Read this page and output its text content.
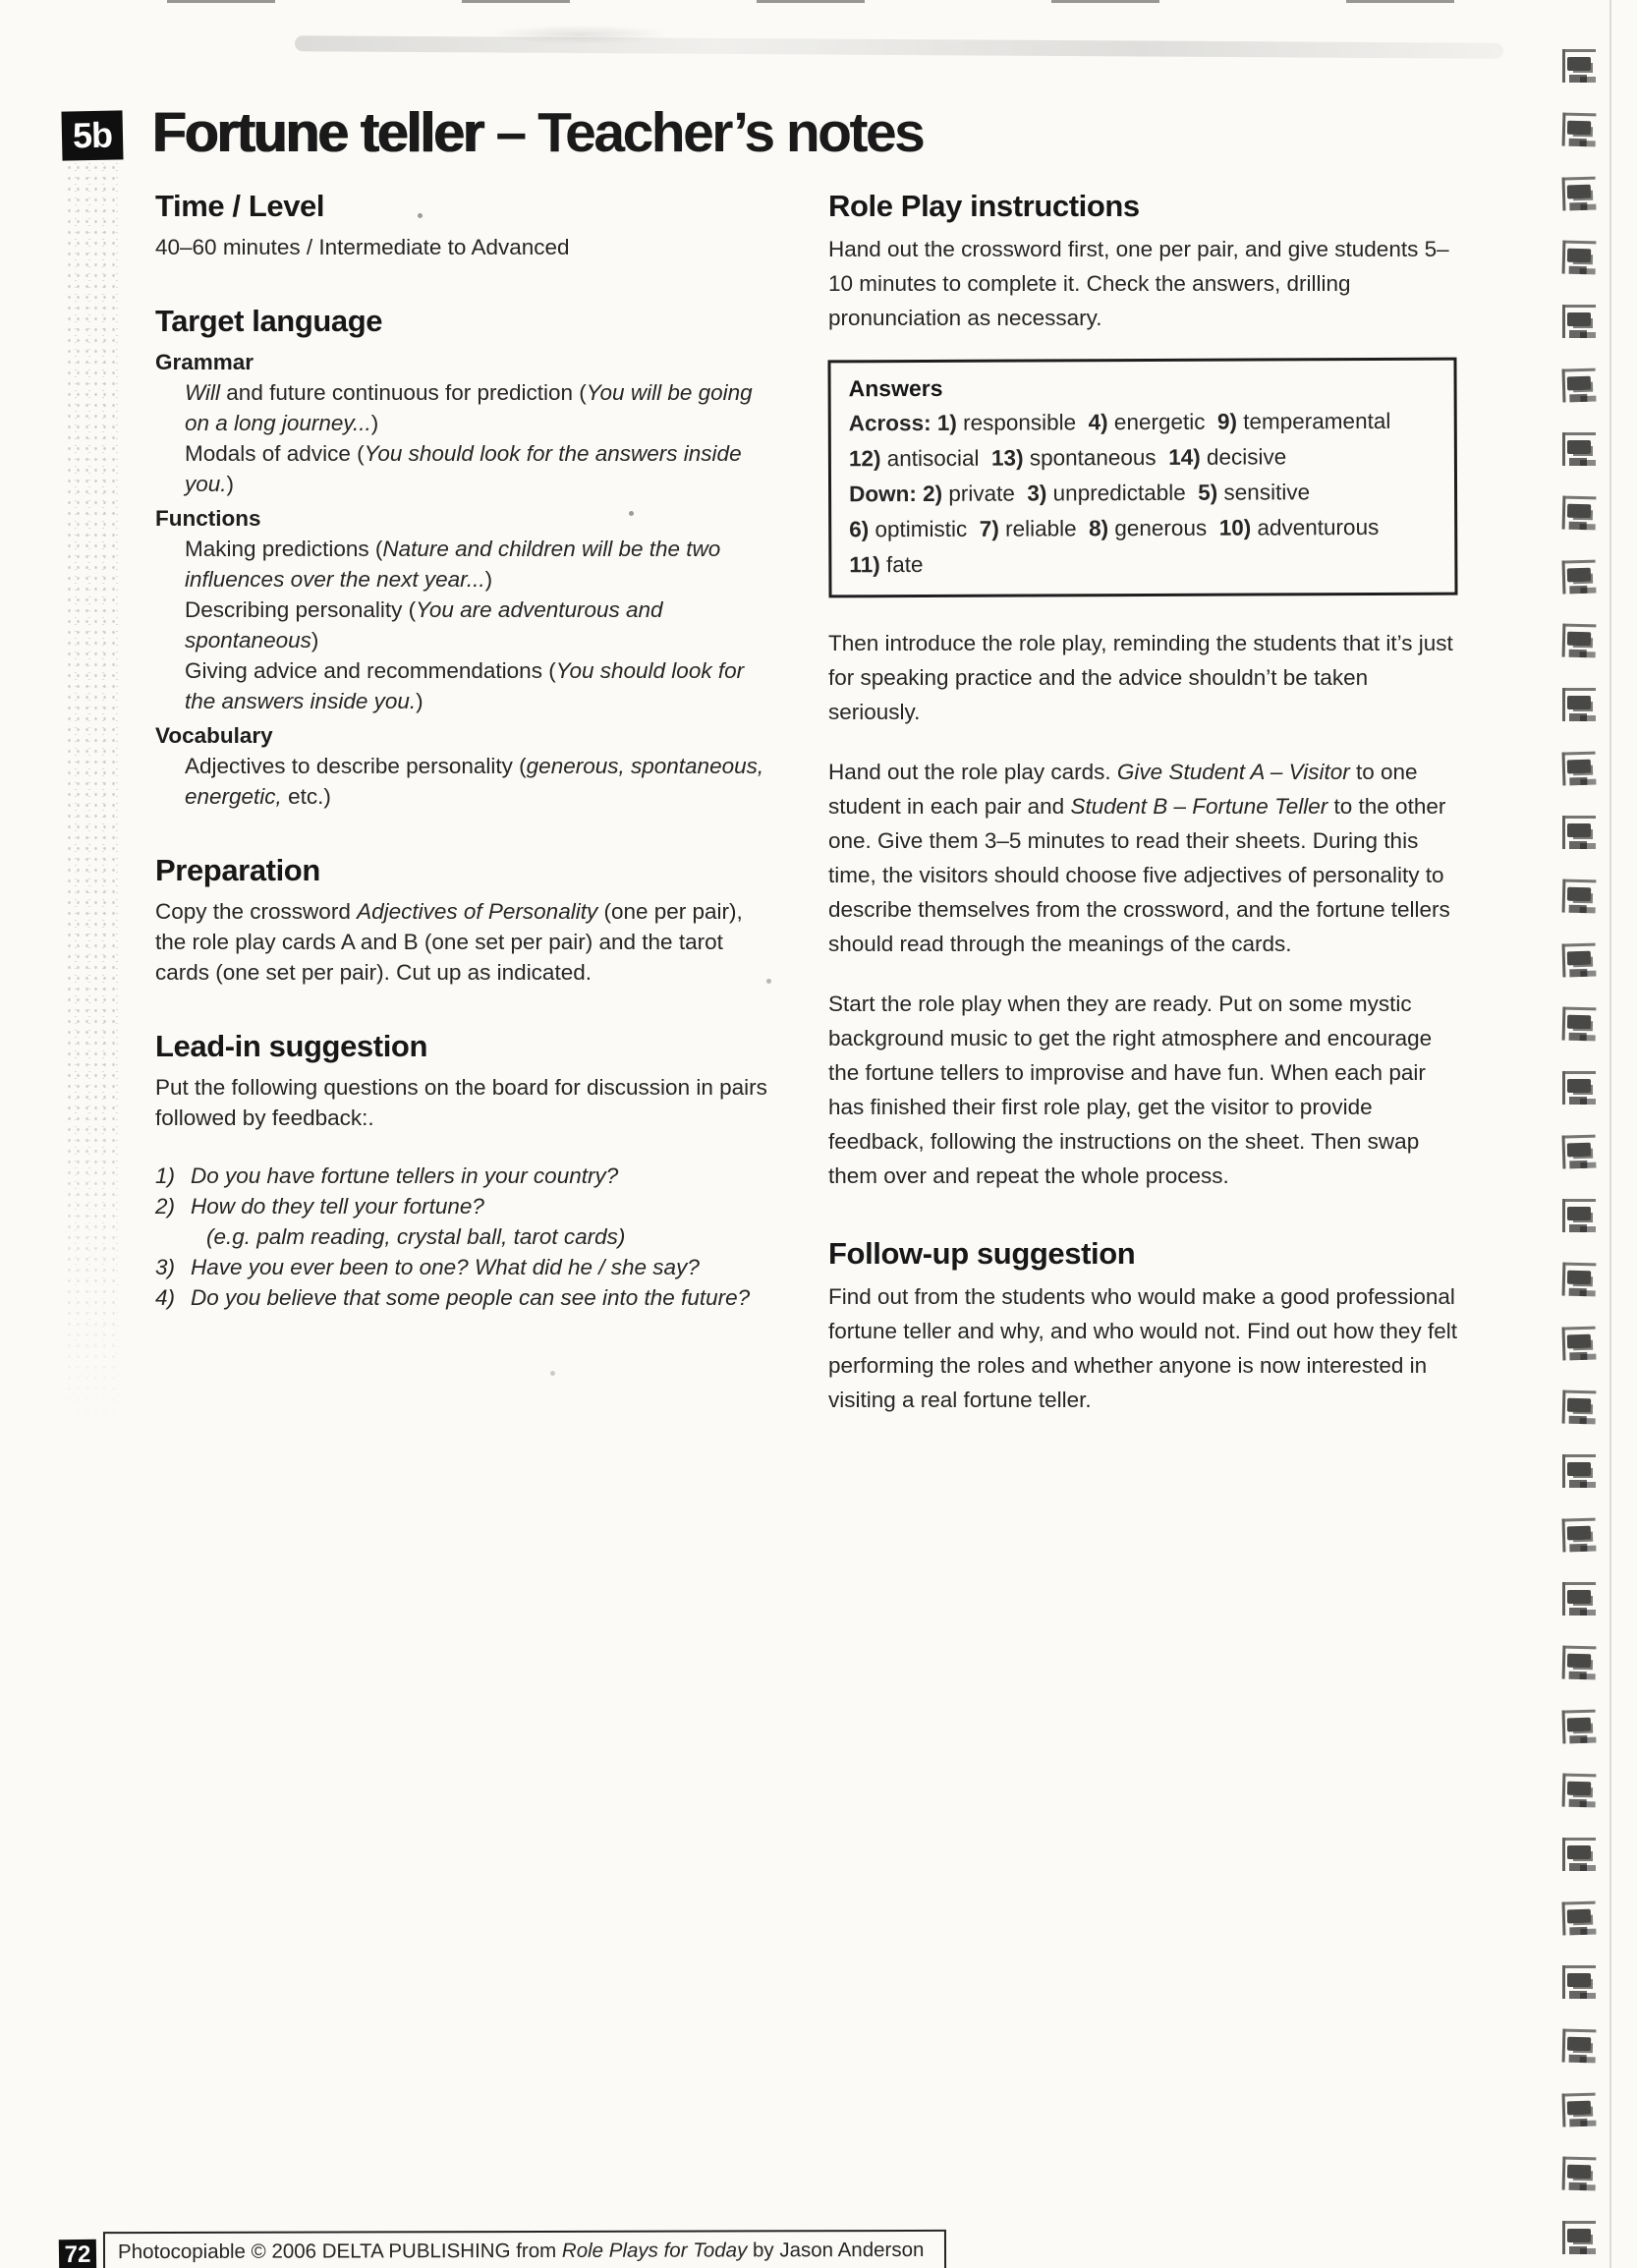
5b Fortune teller – Teacher’s notes
Time / Level

40–60 minutes / Intermediate to Advanced

Target language
Grammar

Will and future continuous for prediction (You will be going on a long journey...)

Modals of advice (You should look for the answers inside you.)

Functions

Making predictions (Nature and children will be the two influences over the next year...)

Describing personality (You are adventurous and spontaneous)

Giving advice and recommendations (You should look for the answers inside you.)

Vocabulary

Adjectives to describe personality (generous, spontaneous, energetic, etc.)

Preparation

Copy the crossword Adjectives of Personality (one per pair), the role play cards A and B (one set per pair) and the tarot cards (one set per pair). Cut up as indicated.

Lead-in suggestion

Put the following questions on the board for discussion in pairs followed by feedback:.

1) Do you have fortune tellers in your country?
2) How do they tell your fortune?
(e.g. palm reading, crystal ball, tarot cards)
3) Have you ever been to one? What did he / she say?
4) Do you believe that some people can see into the future?
Role Play instructions

Hand out the crossword first, one per pair, and give students 5–10 minutes to complete it. Check the answers, drilling pronunciation as necessary.

Answers
Across: 1) responsible  4) energetic  9) temperamental
12) antisocial  13) spontaneous  14) decisive
Down: 2) private  3) unpredictable  5) sensitive
6) optimistic  7) reliable  8) generous  10) adventurous
11) fate

Then introduce the role play, reminding the students that it’s just for speaking practice and the advice shouldn’t be taken seriously.

Hand out the role play cards. Give Student A – Visitor to one student in each pair and Student B – Fortune Teller to the other one. Give them 3–5 minutes to read their sheets. During this time, the visitors should choose five adjectives of personality to describe themselves from the crossword, and the fortune tellers should read through the meanings of the cards.

Start the role play when they are ready. Put on some mystic background music to get the right atmosphere and encourage the fortune tellers to improvise and have fun. When each pair has finished their first role play, get the visitor to provide feedback, following the instructions on the sheet. Then swap them over and repeat the whole process.

Follow-up suggestion

Find out from the students who would make a good professional fortune teller and why, and who would not. Find out how they felt performing the roles and whether anyone is now interested in visiting a real fortune teller.

72	Photocopiable © 2006 DELTA PUBLISHING from Role Plays for Today by Jason Anderson
